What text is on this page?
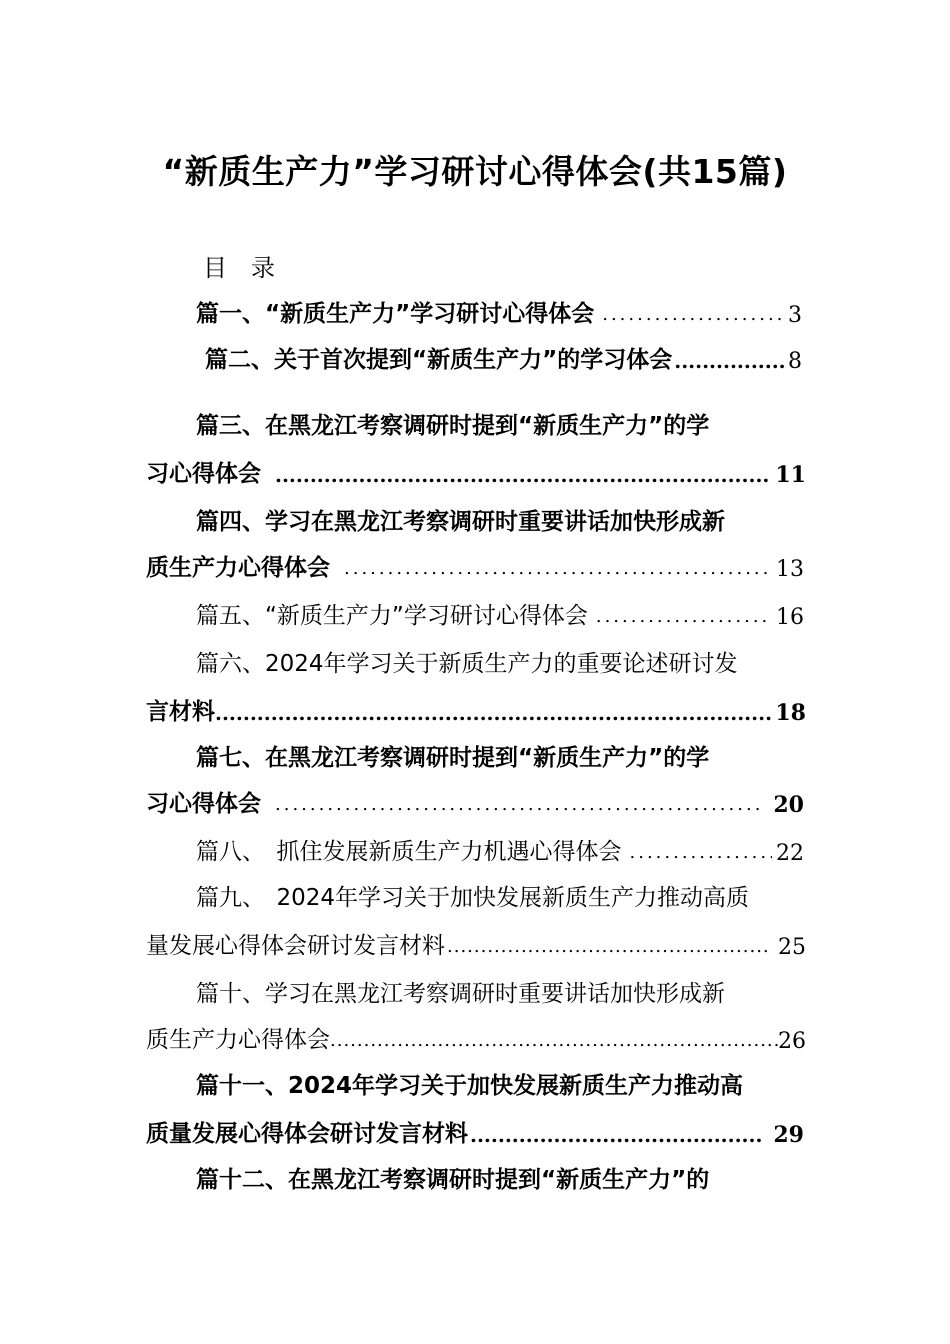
“新质生产力”学习研讨心得体会(共15篇)
目　录
篇一、“新质生产力”学习研讨心得体会 .....	3
篇二、关于首次提到“新质生产力”的学习体会 .....	8
篇三、在黑龙江考察调研时提到“新质生产力”的学
习心得体会 .....	11
篇四、学习在黑龙江考察调研时重要讲话加快形成新
质生产力心得体会 .....	13
篇五、“新质生产力”学习研讨心得体会 .....	16
篇六、2024年学习关于新质生产力的重要论述研讨发
言材料 .....	18
篇七、在黑龙江考察调研时提到“新质生产力”的学
习心得体会 .....	20
篇八、　抓住发展新质生产力机遇心得体会 .....	22
篇九、　2024年学习关于加快发展新质生产力推动高质
量发展心得体会研讨发言材料 .....	25
篇十、学习在黑龙江考察调研时重要讲话加快形成新
质生产力心得体会 .....	26
篇十一、2024年学习关于加快发展新质生产力推动高
质量发展心得体会研讨发言材料 .....	29
篇十二、在黑龙江考察调研时提到“新质生产力”的
